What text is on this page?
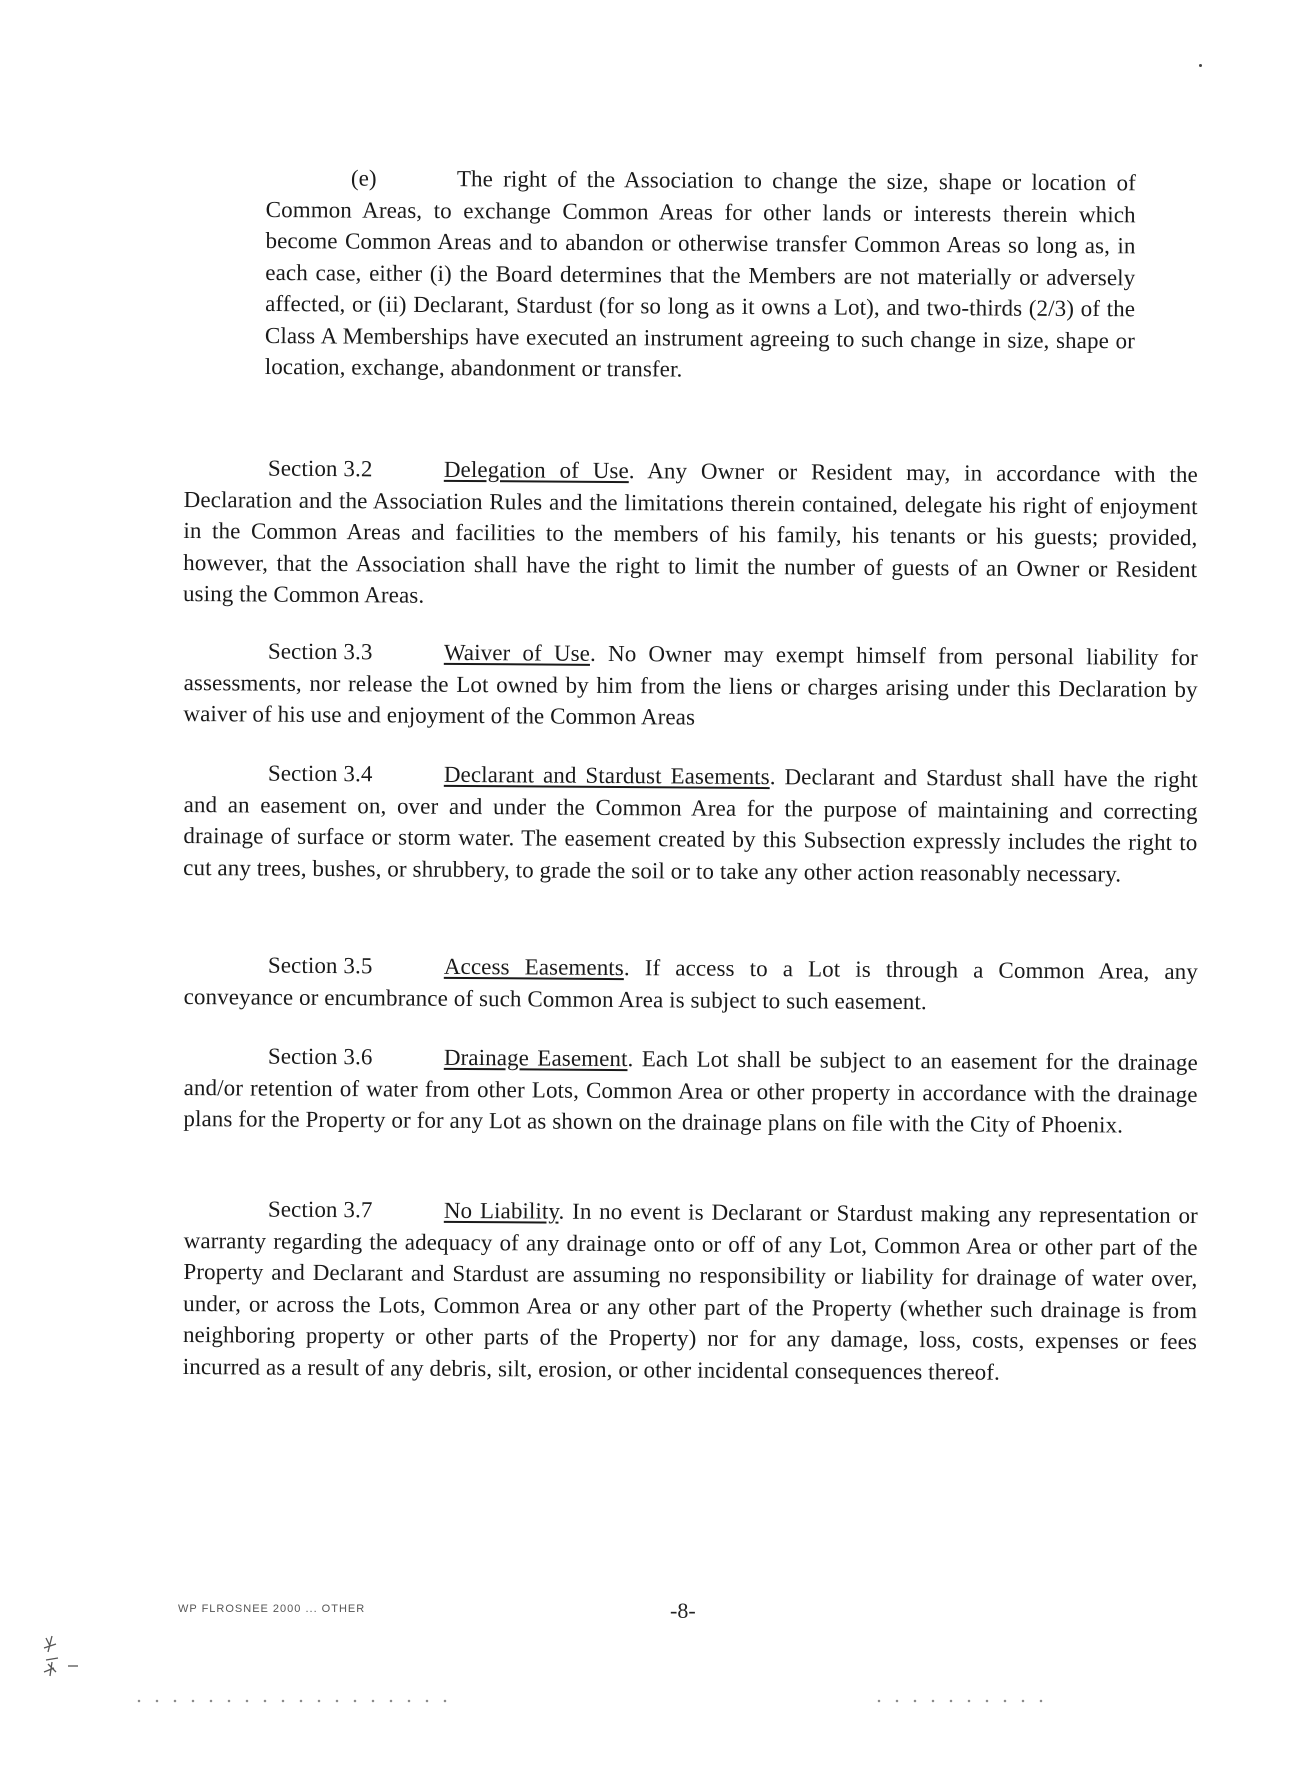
(e)	The right of the Association to change the size, shape or location of Common Areas, to exchange Common Areas for other lands or interests therein which become Common Areas and to abandon or otherwise transfer Common Areas so long as, in each case, either (i) the Board determines that the Members are not materially or adversely affected, or (ii) Declarant, Stardust (for so long as it owns a Lot), and two-thirds (2/3) of the Class A Memberships have executed an instrument agreeing to such change in size, shape or location, exchange, abandonment or transfer.
Section 3.2	Delegation of Use. Any Owner or Resident may, in accordance with the Declaration and the Association Rules and the limitations therein contained, delegate his right of enjoyment in the Common Areas and facilities to the members of his family, his tenants or his guests; provided, however, that the Association shall have the right to limit the number of guests of an Owner or Resident using the Common Areas.
Section 3.3	Waiver of Use. No Owner may exempt himself from personal liability for assessments, nor release the Lot owned by him from the liens or charges arising under this Declaration by waiver of his use and enjoyment of the Common Areas
Section 3.4	Declarant and Stardust Easements. Declarant and Stardust shall have the right and an easement on, over and under the Common Area for the purpose of maintaining and correcting drainage of surface or storm water. The easement created by this Subsection expressly includes the right to cut any trees, bushes, or shrubbery, to grade the soil or to take any other action reasonably necessary.
Section 3.5	Access Easements. If access to a Lot is through a Common Area, any conveyance or encumbrance of such Common Area is subject to such easement.
Section 3.6	Drainage Easement. Each Lot shall be subject to an easement for the drainage and/or retention of water from other Lots, Common Area or other property in accordance with the drainage plans for the Property or for any Lot as shown on the drainage plans on file with the City of Phoenix.
Section 3.7	No Liability. In no event is Declarant or Stardust making any representation or warranty regarding the adequacy of any drainage onto or off of any Lot, Common Area or other part of the Property and Declarant and Stardust are assuming no responsibility or liability for drainage of water over, under, or across the Lots, Common Area or any other part of the Property (whether such drainage is from neighboring property or other parts of the Property) nor for any damage, loss, costs, expenses or fees incurred as a result of any debris, silt, erosion, or other incidental consequences thereof.
WP FLROSNEE 2000 ... OTHER	-8-
